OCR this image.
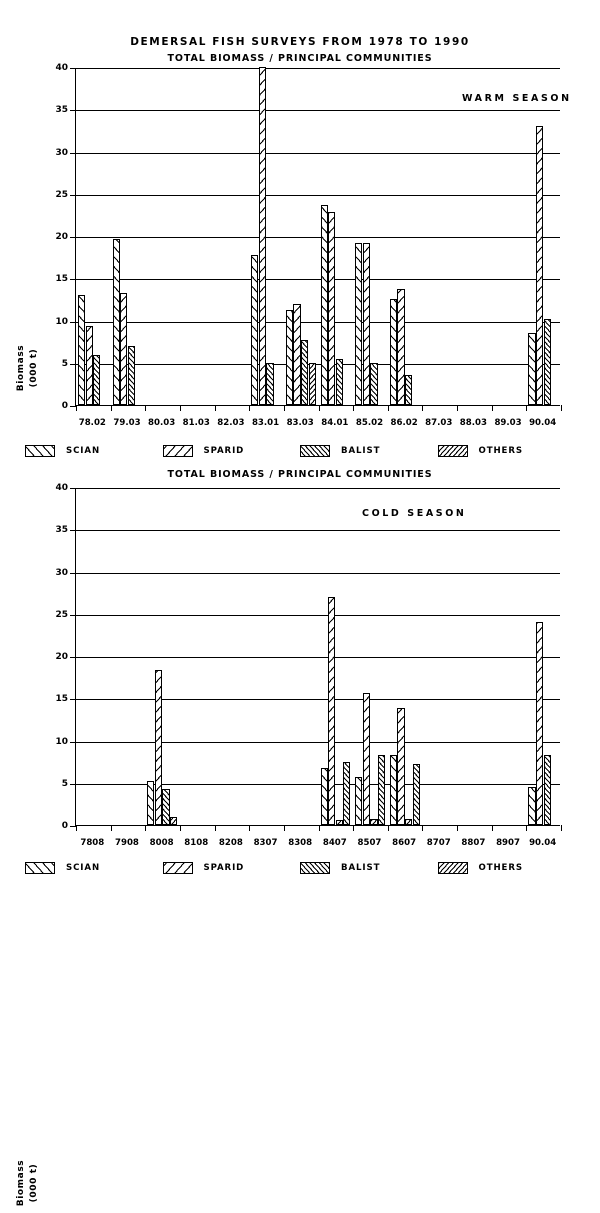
DEMERSAL FISH SURVEYS FROM 1978 TO 1990
TOTAL BIOMASS / PRINCIPAL COMMUNITIES
WARM SEASON
Biomass (000 t)
0
5
10
15
20
25
30
35
40
78.02 79.03 80.03 81.03 82.03 83.01 83.03 84.01 85.02 86.02 87.03 88.03 89.03 90.04
SCIAN	SPARID	BALIST	OTHERS
TOTAL BIOMASS / PRINCIPAL COMMUNITIES
COLD SEASON
Biomass (000 t)
0
5
10
15
20
25
30
35
40
7808 7908 8008 8108 8208 8307 8308 8407 8507 8607 8707 8807 8907 90.04
SCIAN	SPARID	BALIST	OTHERS
